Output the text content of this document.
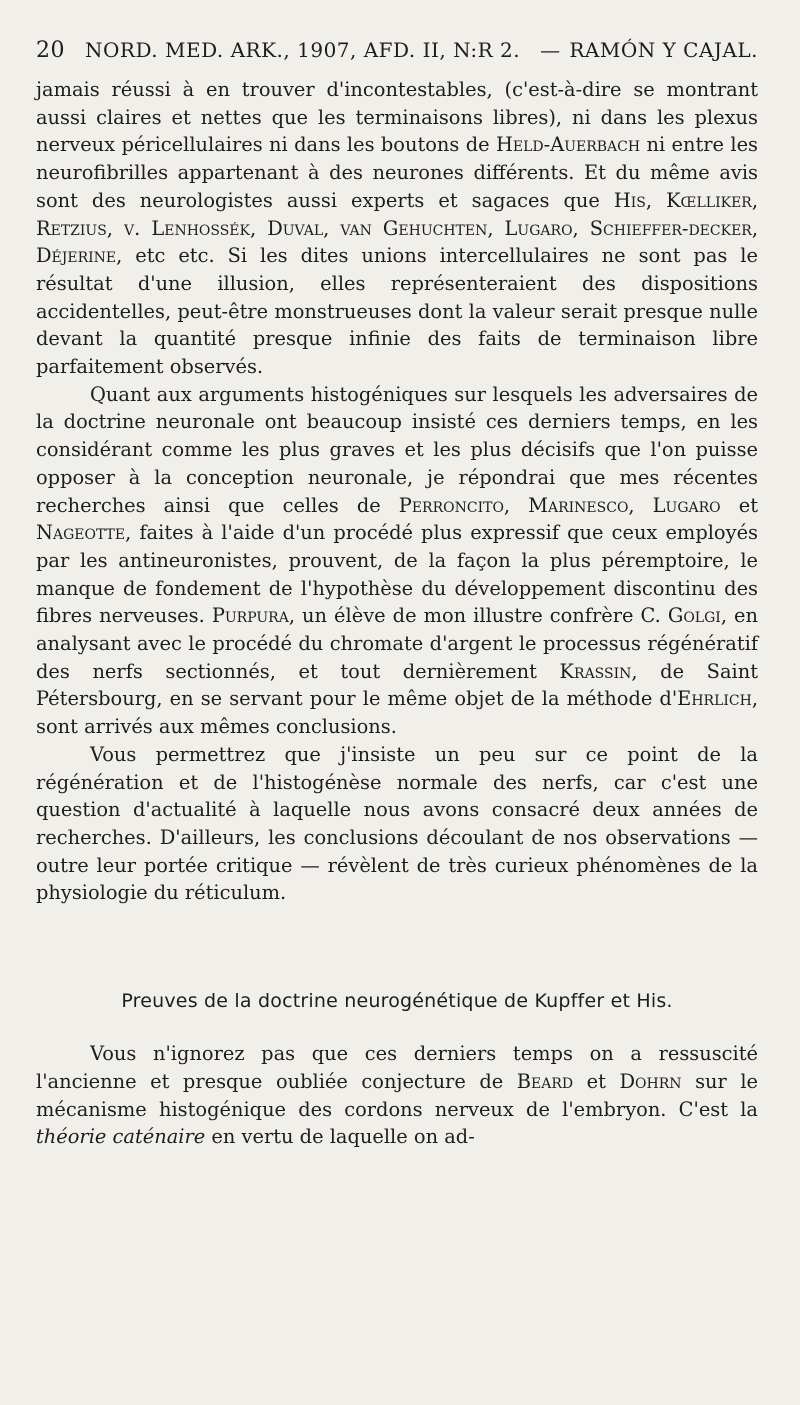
20 NORD. MED. ARK., 1907, AFD. II, N:R 2. — RAMÓN Y CAJAL.

jamais réussi à en trouver d'incontestables, (c'est-à-dire se montrant aussi claires et nettes que les terminaisons libres), ni dans les plexus nerveux péricellulaires ni dans les boutons de Held-Auerbach ni entre les neurofibrilles appartenant à des neurones différents. Et du même avis sont des neurologistes aussi experts et sagaces que His, Kœlliker, Retzius, v. Lenhossék, Duval, van Gehuchten, Lugaro, Schieffer-decker, Déjerine, etc etc. Si les dites unions intercellulaires ne sont pas le résultat d'une illusion, elles représenteraient des dispositions accidentelles, peut-être monstrueuses dont la valeur serait presque nulle devant la quantité presque infinie des faits de terminaison libre parfaitement observés.

Quant aux arguments histogéniques sur lesquels les adversaires de la doctrine neuronale ont beaucoup insisté ces derniers temps, en les considérant comme les plus graves et les plus décisifs que l'on puisse opposer à la conception neuronale, je répondrai que mes récentes recherches ainsi que celles de Perroncito, Marinesco, Lugaro et Nageotte, faites à l'aide d'un procédé plus expressif que ceux employés par les antineuronistes, prouvent, de la façon la plus péremptoire, le manque de fondement de l'hypothèse du développement discontinu des fibres nerveuses. Purpura, un élève de mon illustre confrère C. Golgi, en analysant avec le procédé du chromate d'argent le processus régénératif des nerfs sectionnés, et tout dernièrement Krassin, de Saint Pétersbourg, en se servant pour le même objet de la méthode d'Ehrlich, sont arrivés aux mêmes conclusions.

Vous permettrez que j'insiste un peu sur ce point de la régénération et de l'histogénèse normale des nerfs, car c'est une question d'actualité à laquelle nous avons consacré deux années de recherches. D'ailleurs, les conclusions découlant de nos observations — outre leur portée critique — révèlent de très curieux phénomènes de la physiologie du réticulum.

Preuves de la doctrine neurogénétique de Kupffer et His.

Vous n'ignorez pas que ces derniers temps on a ressuscité l'ancienne et presque oubliée conjecture de Beard et Dohrn sur le mécanisme histogénique des cordons nerveux de l'embryon. C'est la théorie caténaire en vertu de laquelle on ad-
